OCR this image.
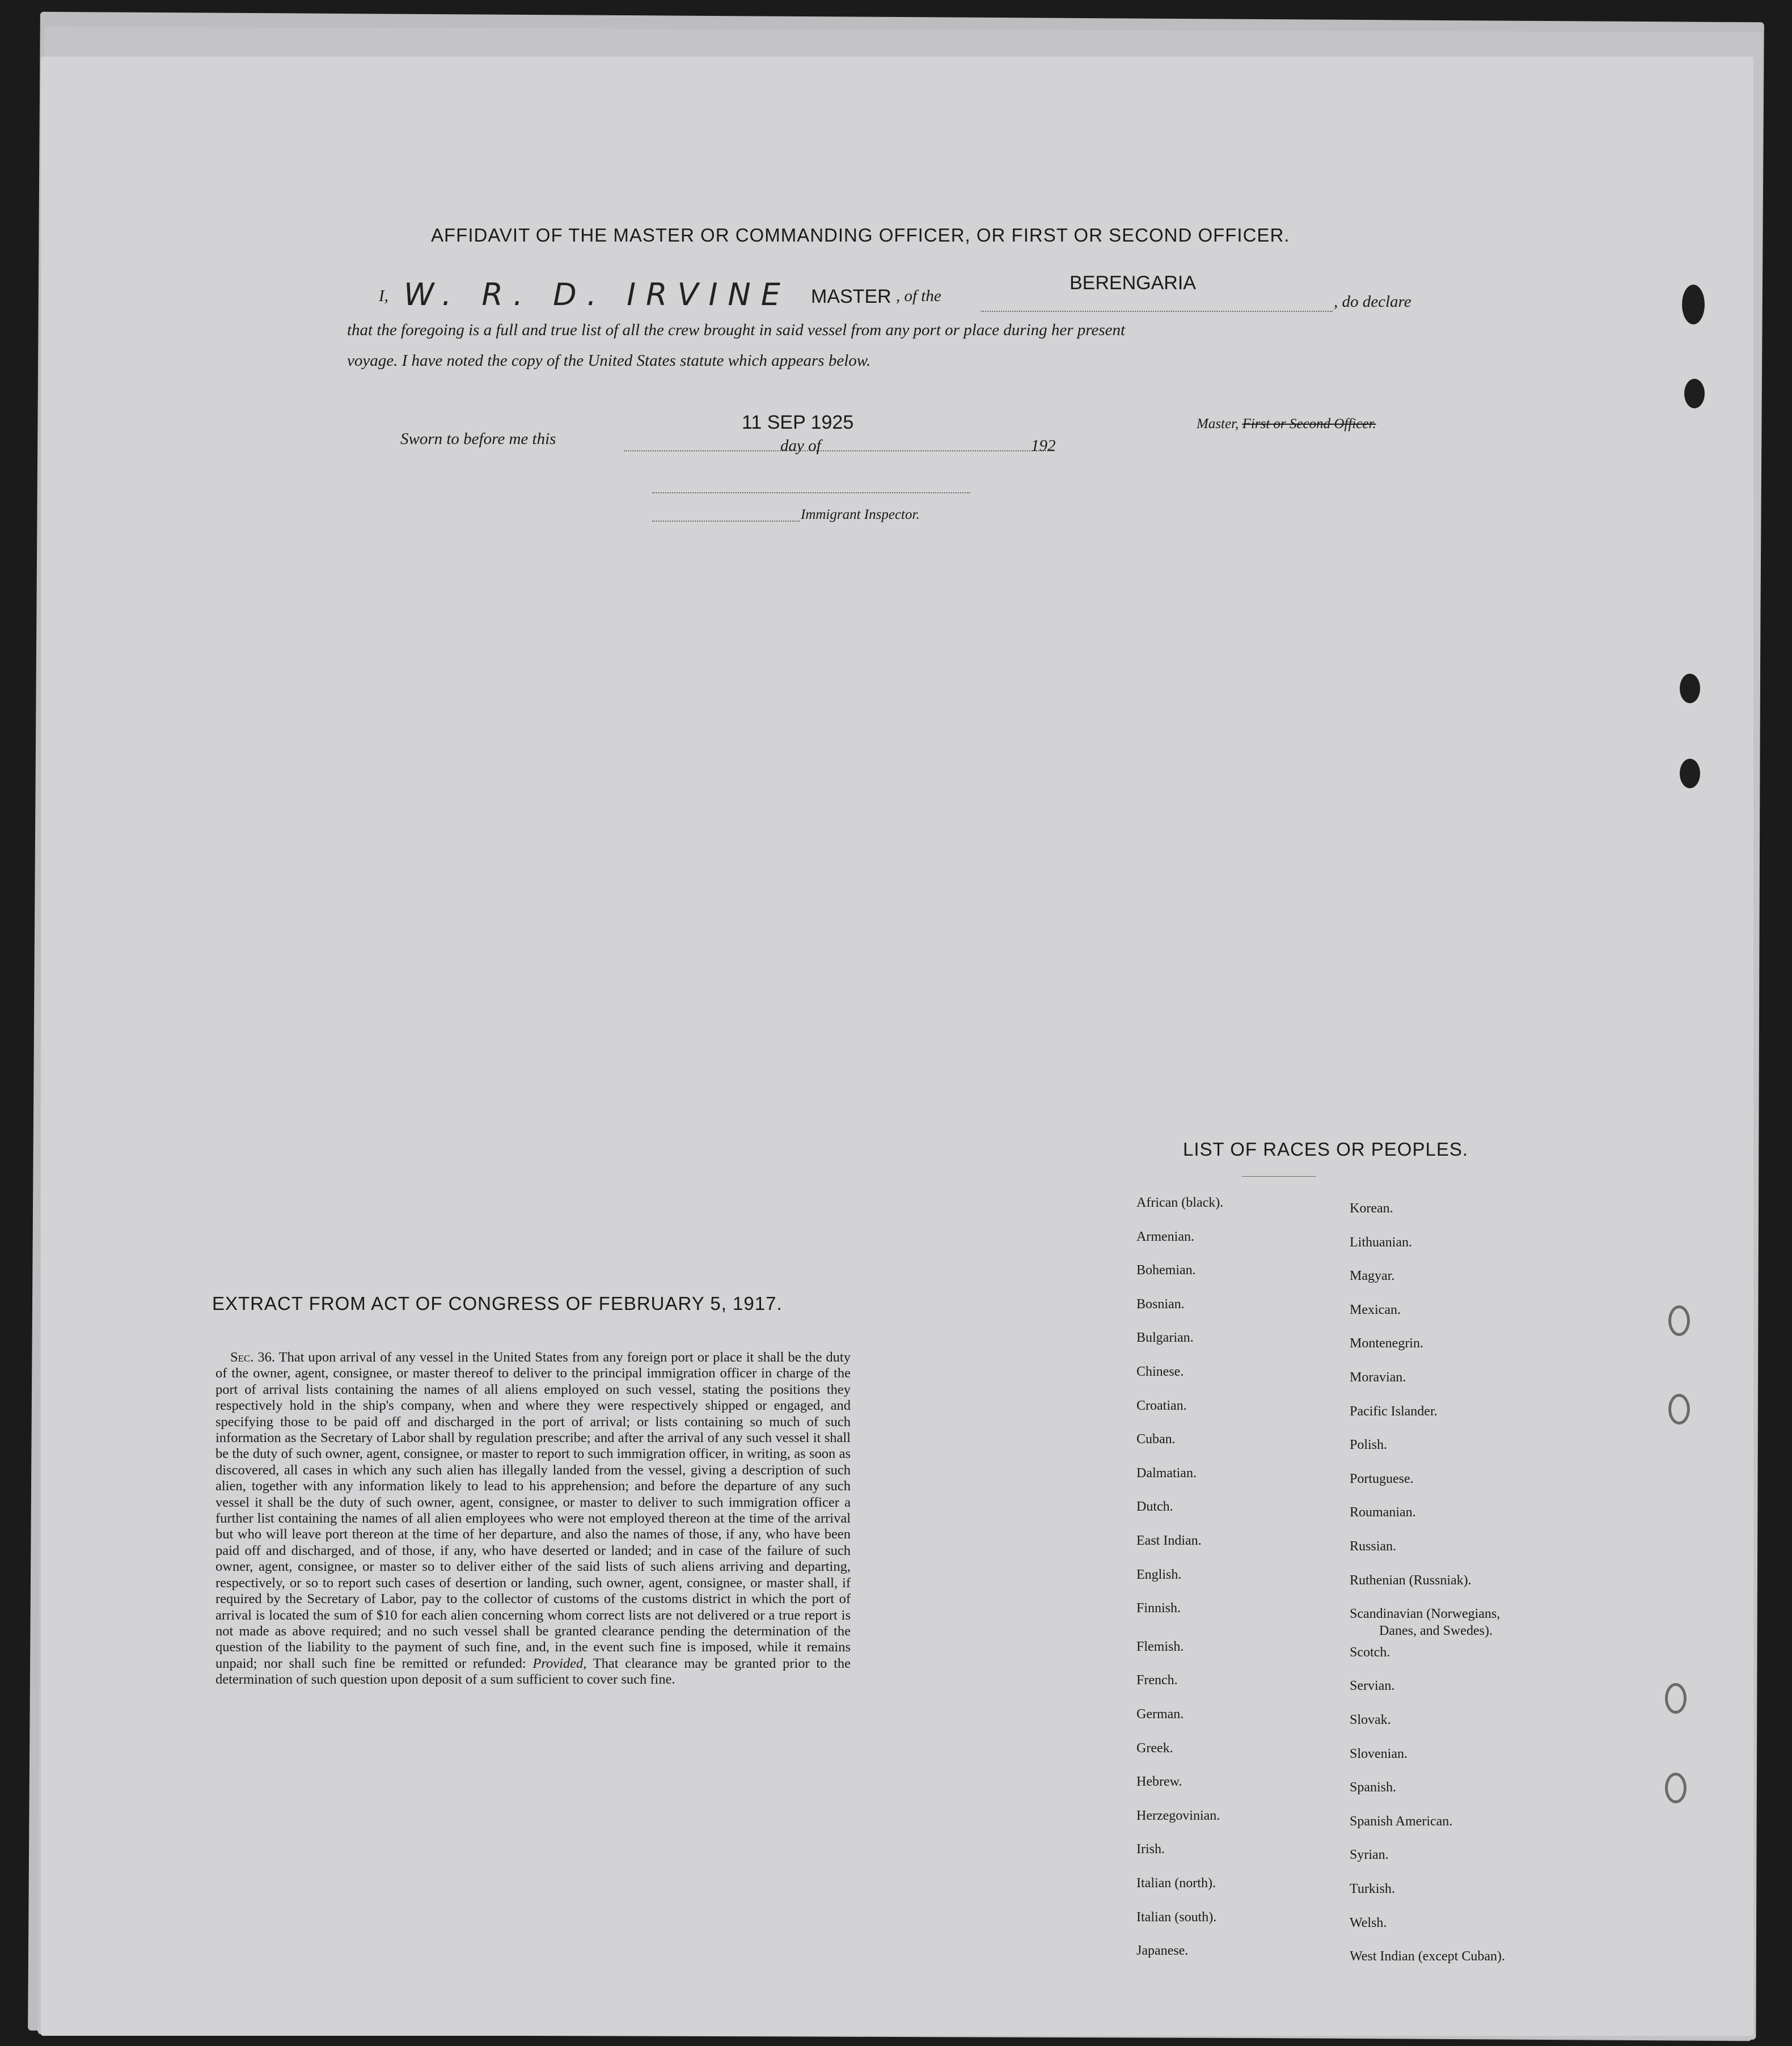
AFFIDAVIT OF THE MASTER OR COMMANDING OFFICER, OR FIRST OR SECOND OFFICER.
I, W. R. D. IRVINE MASTER , of the
BERENGARIA
, do declare
that the foregoing is a full and true list of all the crew brought in said vessel from any port or place during her present
voyage. I have noted the copy of the United States statute which appears below.
Sworn to before me this
11 SEP 1925
day of	192
Master, First or Second Officer.
Immigrant Inspector.
EXTRACT FROM ACT OF CONGRESS OF FEBRUARY 5, 1917.
Sec. 36. That upon arrival of any vessel in the United States from any foreign port or place it shall be the duty of the owner, agent, consignee, or master thereof to deliver to the principal immigration officer in charge of the port of arrival lists containing the names of all aliens employed on such vessel, stating the positions they respectively hold in the ship's company, when and where they were respectively shipped or engaged, and specifying those to be paid off and discharged in the port of arrival; or lists containing so much of such information as the Secretary of Labor shall by regulation prescribe; and after the arrival of any such vessel it shall be the duty of such owner, agent, consignee, or master to report to such immigration officer, in writing, as soon as discovered, all cases in which any such alien has illegally landed from the vessel, giving a description of such alien, together with any information likely to lead to his apprehension; and before the departure of any such vessel it shall be the duty of such owner, agent, consignee, or master to deliver to such immigration officer a further list containing the names of all alien employees who were not employed thereon at the time of the arrival but who will leave port thereon at the time of her departure, and also the names of those, if any, who have been paid off and discharged, and of those, if any, who have deserted or landed; and in case of the failure of such owner, agent, consignee, or master so to deliver either of the said lists of such aliens arriving and departing, respectively, or so to report such cases of desertion or landing, such owner, agent, consignee, or master shall, if required by the Secretary of Labor, pay to the collector of customs of the customs district in which the port of arrival is located the sum of $10 for each alien concerning whom correct lists are not delivered or a true report is not made as above required; and no such vessel shall be granted clearance pending the determination of the question of the liability to the payment of such fine, and, in the event such fine is imposed, while it remains unpaid; nor shall such fine be remitted or refunded: Provided, That clearance may be granted prior to the determination of such question upon deposit of a sum sufficient to cover such fine.
LIST OF RACES OR PEOPLES.
African (black).
Armenian.
Bohemian.
Bosnian.
Bulgarian.
Chinese.
Croatian.
Cuban.
Dalmatian.
Dutch.
East Indian.
English.
Finnish.
Flemish.
French.
German.
Greek.
Hebrew.
Herzegovinian.
Irish.
Italian (north).
Italian (south).
Japanese.
Korean.
Lithuanian.
Magyar.
Mexican.
Montenegrin.
Moravian.
Pacific Islander.
Polish.
Portuguese.
Roumanian.
Russian.
Ruthenian (Russniak).
Scandinavian (Norwegians,
Danes, and Swedes).
Scotch.
Servian.
Slovak.
Slovenian.
Spanish.
Spanish American.
Syrian.
Turkish.
Welsh.
West Indian (except Cuban).
